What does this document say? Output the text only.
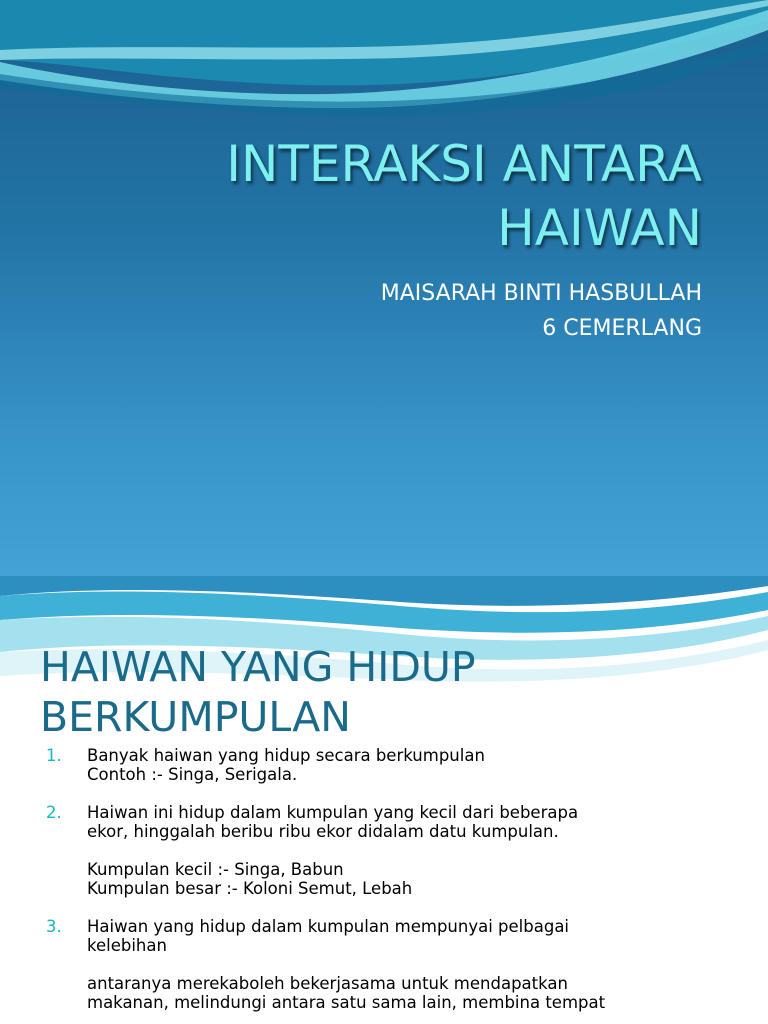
INTERAKSI ANTARA
HAIWAN
MAISARAH BINTI HASBULLAH
6 CEMERLANG
HAIWAN YANG HIDUP
BERKUMPULAN
1. Banyak haiwan yang hidup secara berkumpulan
Contoh :- Singa, Serigala.
2. Haiwan ini hidup dalam kumpulan yang kecil dari beberapa
ekor, hinggalah beribu ribu ekor didalam datu kumpulan.

Kumpulan kecil :- Singa, Babun
Kumpulan besar :- Koloni Semut, Lebah
3. Haiwan yang hidup dalam kumpulan mempunyai pelbagai
kelebihan

antaranya merekaboleh bekerjasama untuk mendapatkan
makanan, melindungi antara satu sama lain, membina tempat
